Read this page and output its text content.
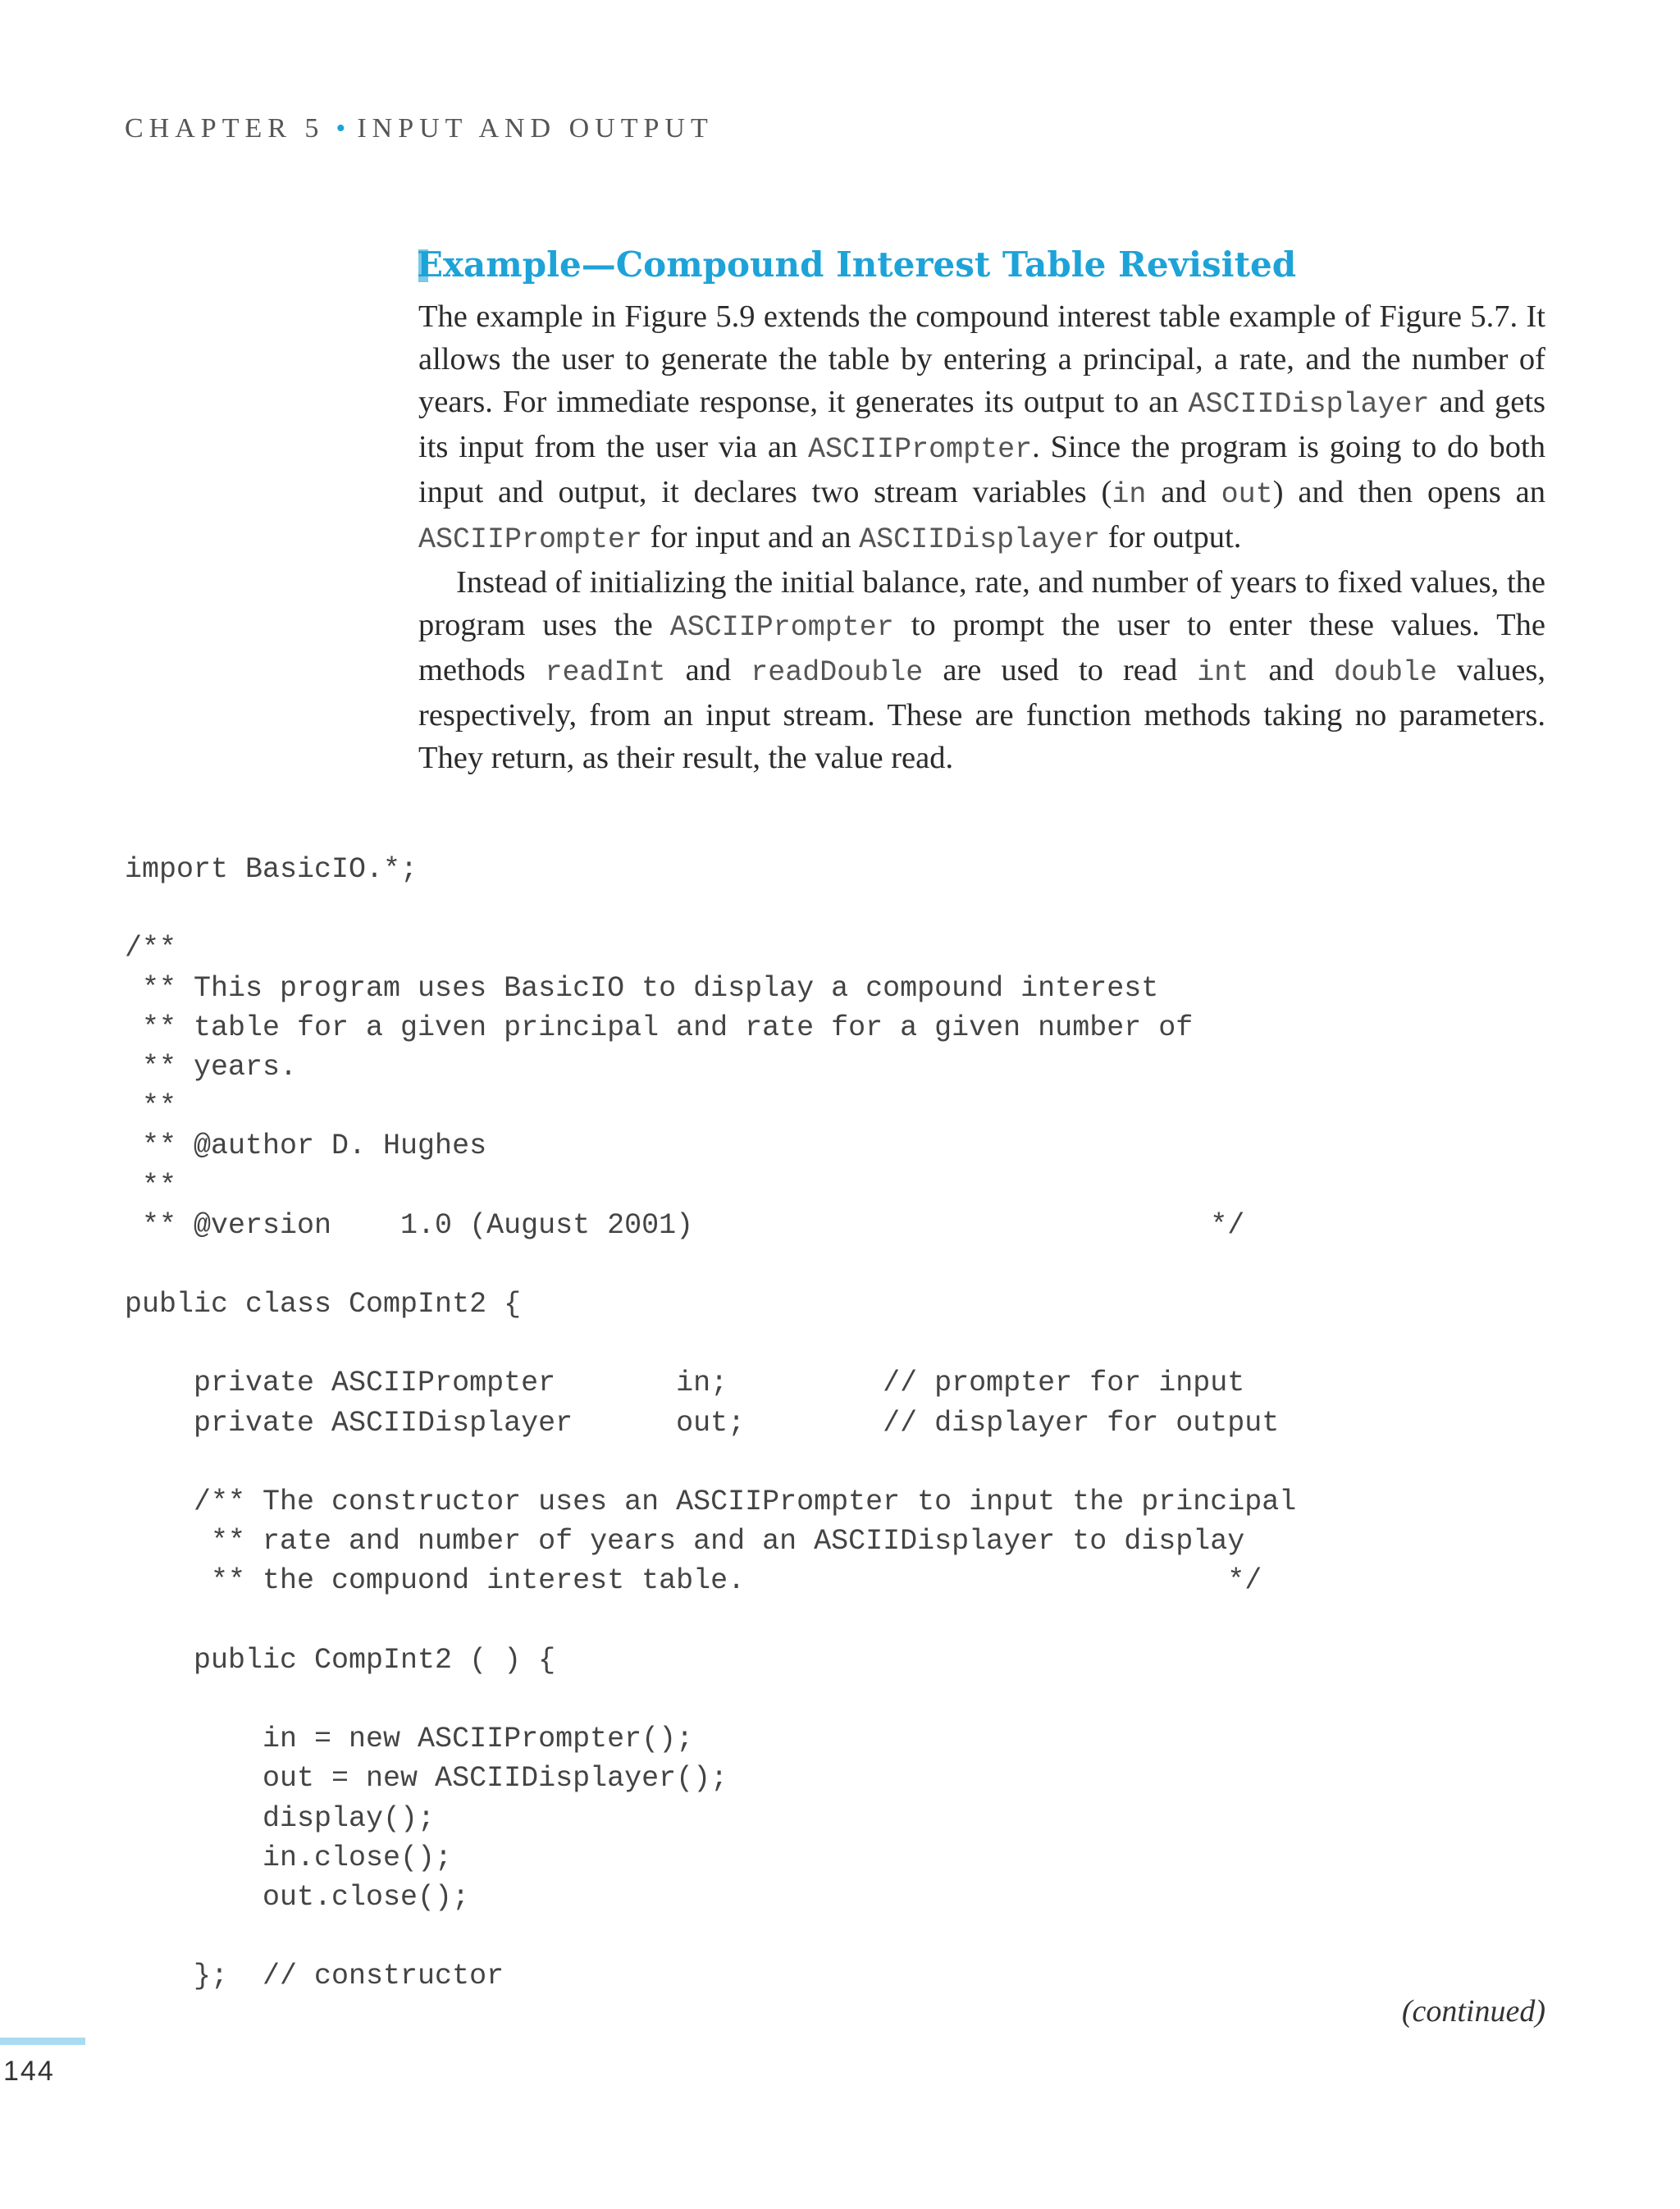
CHAPTER 5 • INPUT AND OUTPUT
Example—Compound Interest Table Revisited

The example in Figure 5.9 extends the compound interest table example of Figure 5.7. It allows the user to generate the table by entering a principal, a rate, and the number of years. For immediate response, it generates its output to an ASCIIDisplayer and gets its input from the user via an ASCIIPrompter. Since the program is going to do both input and output, it declares two stream variables (in and out) and then opens an ASCIIPrompter for input and an ASCIIDisplayer for output.

Instead of initializing the initial balance, rate, and number of years to fixed values, the program uses the ASCIIPrompter to prompt the user to enter these values. The methods readInt and readDouble are used to read int and double values, respectively, from an input stream. These are function methods taking no parameters. They return, as their result, the value read.

import BasicIO.*;
/**
** This program uses BasicIO to display a compound interest
** table for a given principal and rate for a given number of
** years.
**
** @author D. Hughes
**
** @version    1.0 (August 2001)                              */
public class CompInt2 {
private ASCIIPrompter       in;         // prompter for input
private ASCIIDisplayer      out;        // displayer for output
/** The constructor uses an ASCIIPrompter to input the principal
** rate and number of years and an ASCIIDisplayer to display
** the compuond interest table.                            */
public CompInt2 ( ) {
in = new ASCIIPrompter();
out = new ASCIIDisplayer();
display();
in.close();
out.close();
};  // constructor
(continued)
144
